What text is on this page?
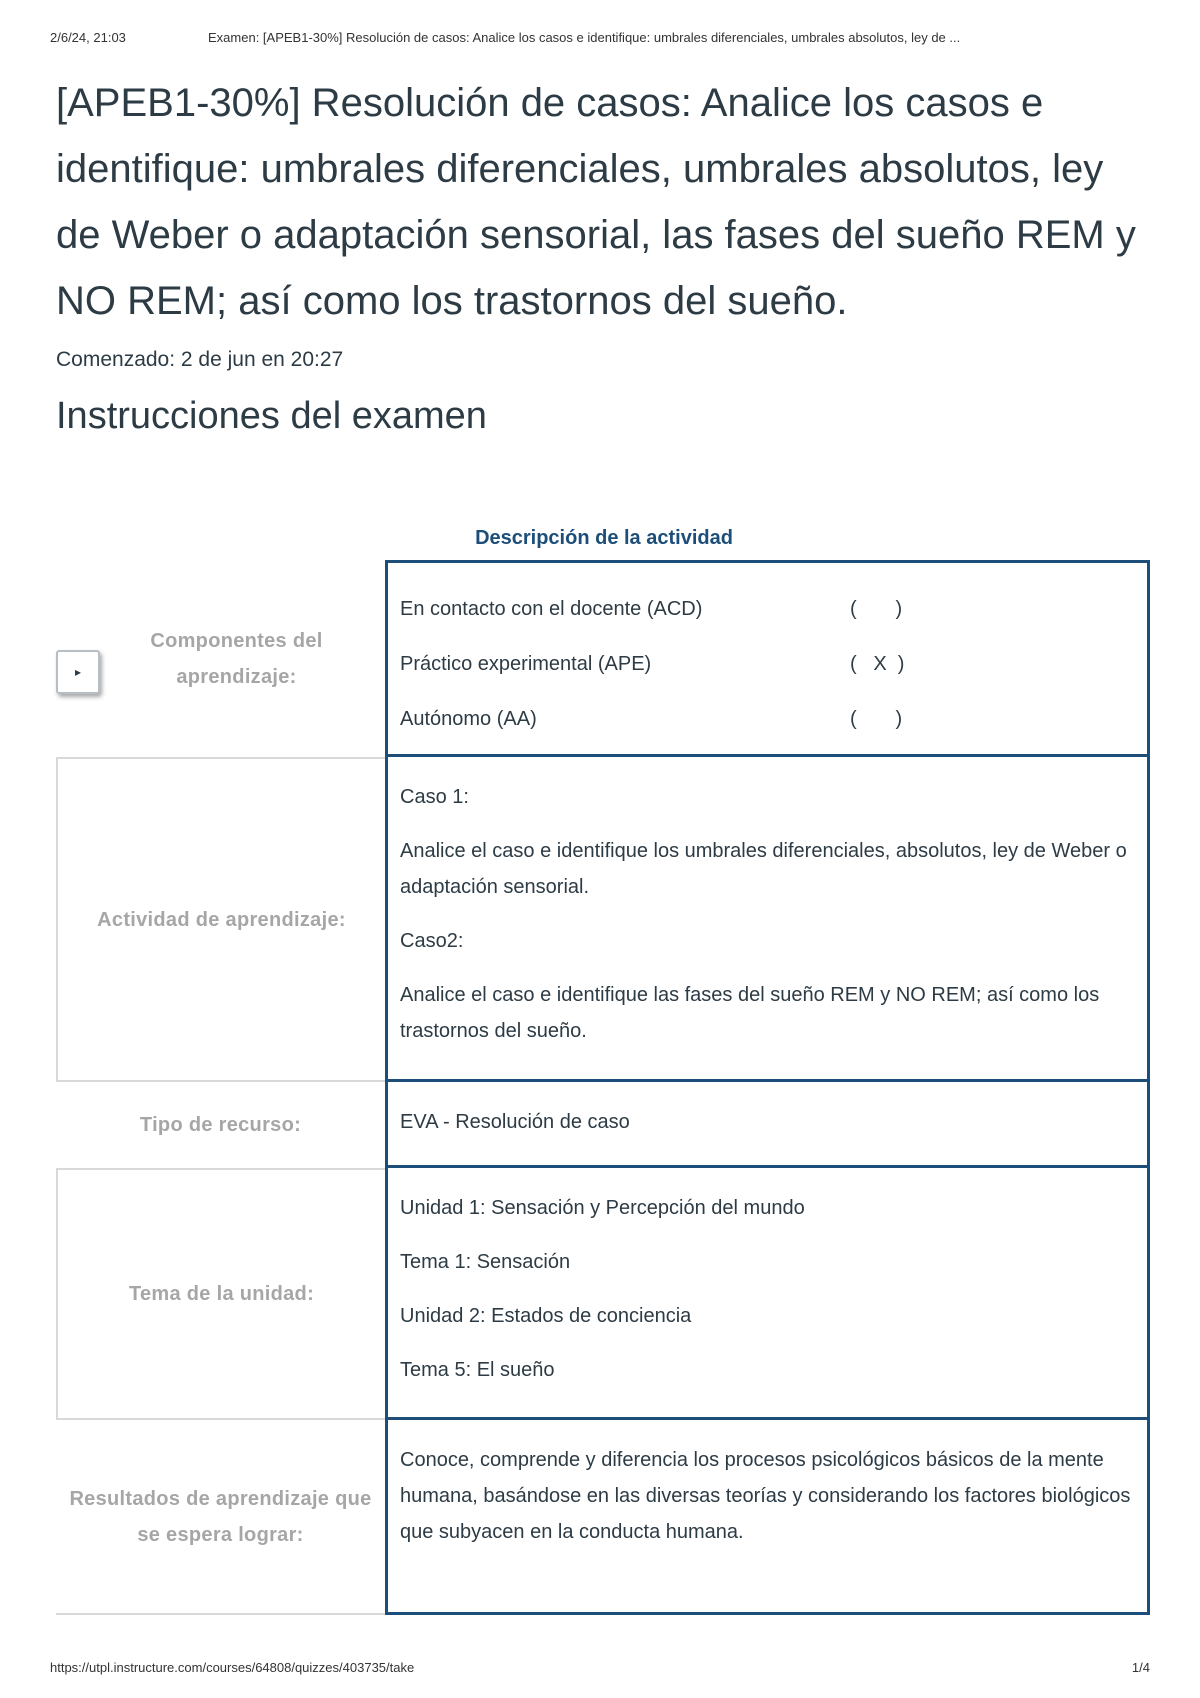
2/6/24, 21:03	Examen: [APEB1-30%] Resolución de casos: Analice los casos e identifique: umbrales diferenciales, umbrales absolutos, ley de ...
[APEB1-30%] Resolución de casos: Analice los casos e identifique: umbrales diferenciales, umbrales absolutos, ley de Weber o adaptación sensorial, las fases del sueño REM y NO REM; así como los trastornos del sueño.
Comenzado: 2 de jun en 20:27
Instrucciones del examen
Descripción de la actividad
Componentes del aprendizaje:
▸
En contacto con el docente (ACD)	(       )
Práctico experimental (APE)	(   X  )
Autónomo (AA)	(       )
Actividad de aprendizaje:

Caso 1:

Analice el caso e identifique los umbrales diferenciales, absolutos, ley de Weber o adaptación sensorial.

Caso2:

Analice el caso e identifique las fases del sueño REM y NO REM; así como los trastornos del sueño.

Tipo de recurso:	EVA - Resolución de caso
Tema de la unidad:

Unidad 1: Sensación y Percepción del mundo

Tema 1: Sensación

Unidad 2: Estados de conciencia

Tema 5: El sueño

Resultados de aprendizaje que se espera lograr:
Conoce, comprende y diferencia los procesos psicológicos básicos de la mente humana, basándose en las diversas teorías y considerando los factores biológicos que subyacen en la conducta humana.
https://utpl.instructure.com/courses/64808/quizzes/403735/take	1/4
